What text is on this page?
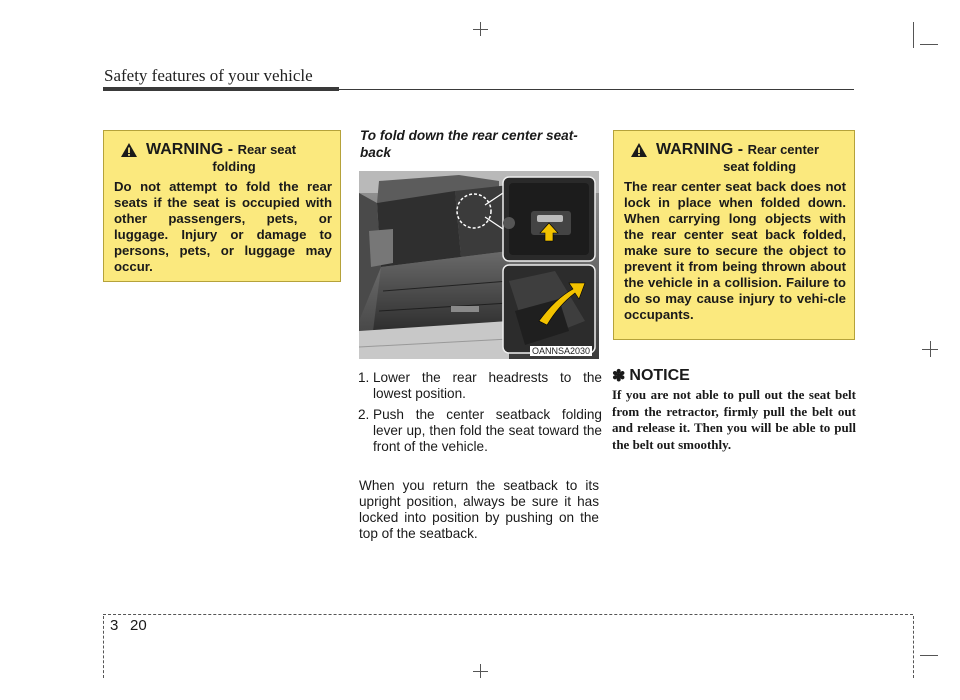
Safety features of your vehicle
WARNING - Rear seat
folding
Do not attempt to fold the rear seats if the seat is occupied with other passengers, pets, or luggage. Injury or damage to persons, pets, or luggage may occur.
To fold down the rear center seat-back
OANNSA2030
1. Lower the rear headrests to the lowest position.
2. Push the center seatback folding lever up, then fold the seat toward the front of the vehicle.
When you return the seatback to its upright position, always be sure it has locked into position by pushing on the top of the seatback.
WARNING - Rear center
seat folding
The rear center seat back does not lock in place when folded down. When carrying long objects with the rear center seat back folded, make sure to secure the object to prevent it from being thrown about the vehicle in a collision. Failure to do so may cause injury to vehi-cle occupants.
✽ NOTICE
If you are not able to pull out the seat belt from the retractor, firmly pull the belt out and release it. Then you will be able to pull the belt out smoothly.
3 20
